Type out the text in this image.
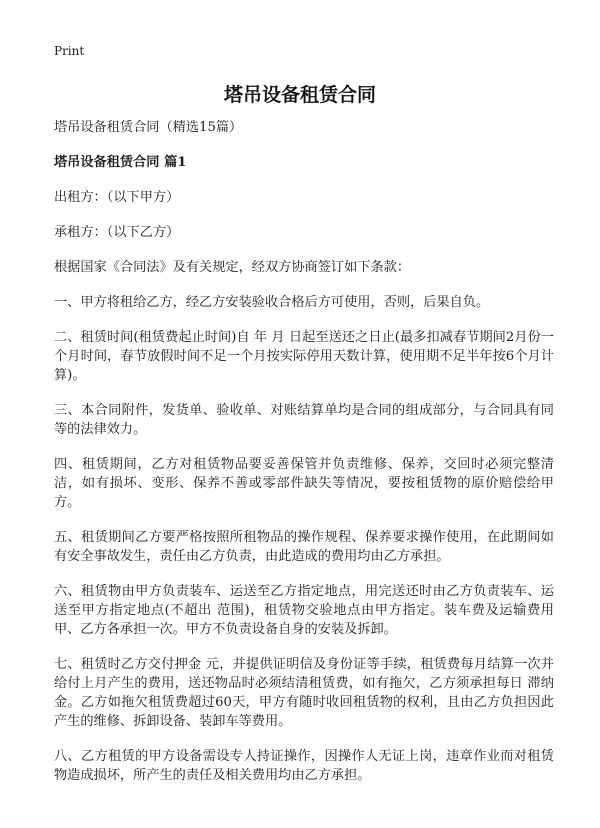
Print
塔吊设备租赁合同

塔吊设备租赁合同（精选15篇）

塔吊设备租赁合同 篇1

出租方：（以下甲方）

承租方：（以下乙方）

根据国家《合同法》及有关规定，经双方协商签订如下条款：

一、甲方将租给乙方，经乙方安装验收合格后方可使用，否则，后果自负。

二、租赁时间(租赁费起止时间)自 年 月 日起至送还之日止(最多扣减春节期间2月份一个月时间，春节放假时间不足一个月按实际停用天数计算，使用期不足半年按6个月计算)。

三、本合同附件，发货单、验收单、对账结算单均是合同的组成部分，与合同具有同等的法律效力。

四、租赁期间，乙方对租赁物品要妥善保管并负责维修、保养，交回时必须完整清洁，如有损坏、变形、保养不善或零部件缺失等情况，要按租赁物的原价赔偿给甲方。

五、租赁期间乙方要严格按照所租物品的操作规程、保养要求操作使用，在此期间如有安全事故发生，责任由乙方负责，由此造成的费用均由乙方承担。

六、租赁物由甲方负责装车、运送至乙方指定地点，用完送还时由乙方负责装车、运送至甲方指定地点(不超出 范围)，租赁物交验地点由甲方指定。装车费及运输费用甲、乙方各承担一次。甲方不负责设备自身的安装及拆卸。

七、租赁时乙方交付押金 元，并提供证明信及身份证等手续，租赁费每月结算一次并给付上月产生的费用，送还物品时必须结清租赁费，如有拖欠，乙方须承担每日 滞纳金。乙方如拖欠租赁费超过60天，甲方有随时收回租赁物的权利，且由乙方负担因此产生的维修、拆卸设备、装卸车等费用。

八、乙方租赁的甲方设备需设专人持证操作，因操作人无证上岗，违章作业而对租赁物造成损坏，所产生的责任及相关费用均由乙方承担。
